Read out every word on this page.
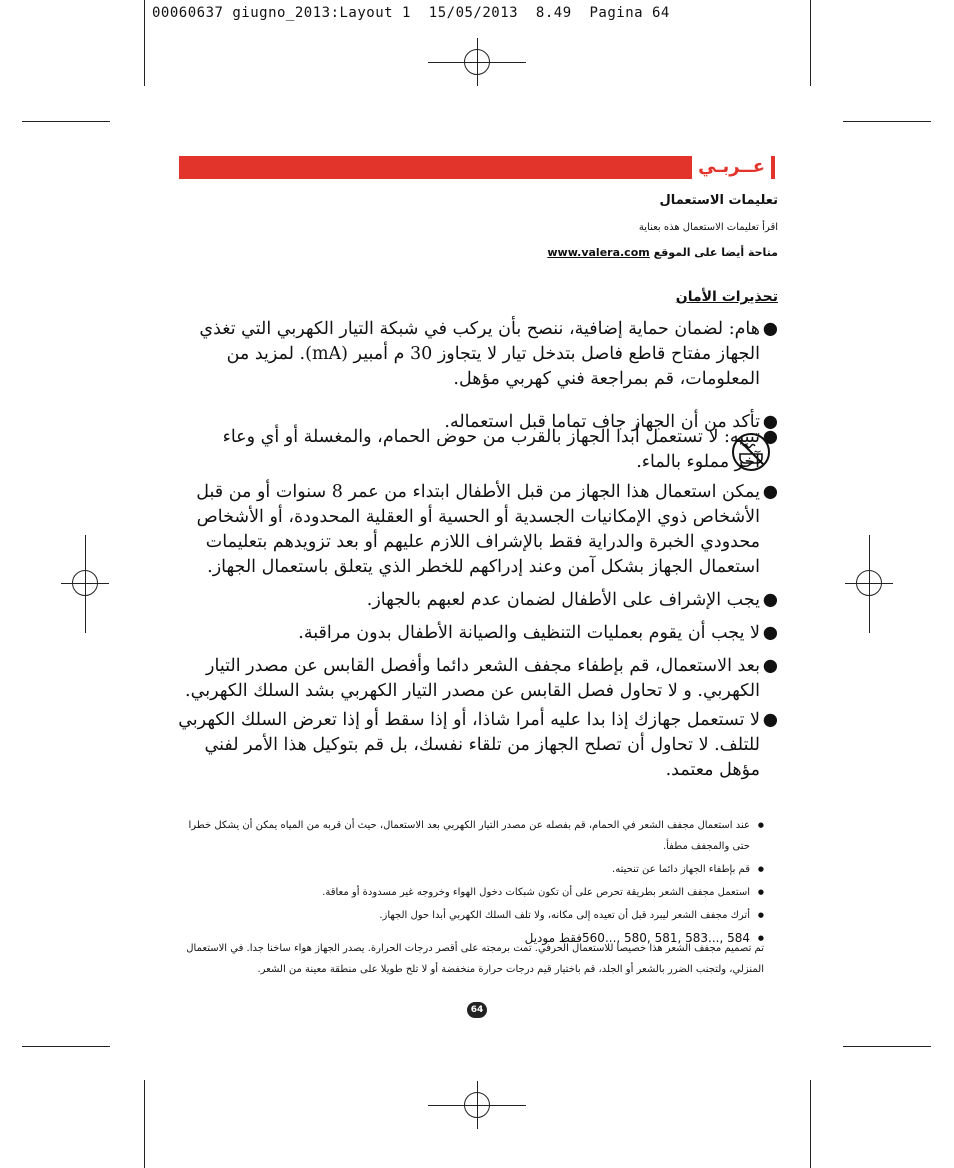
00060637 giugno_2013:Layout 1  15/05/2013  8.49  Pagina 64
عــربـي
تعليمات الاستعمال
اقرأ تعليمات الاستعمال هذه بعناية
متاحة أيضا على الموقع www.valera.com
تحذيرات الأمان
●
هام: لضمان حماية إضافية، ننصح بأن يركب في شبكة التيار الكهربي التي تغذي الجهاز مفتاح قاطع فاصل بتدخل تيار لا يتجاوز 30 م أمبير (mA). لمزيد من المعلومات، قم بمراجعة فني كهربي مؤهل.
●
تأكد من أن الجهاز جاف تماما قبل استعماله.
●
تنبيه: لا تستعمل أبدا الجهاز بالقرب من حوض الحمام، والمغسلة أو أي وعاء آخر مملوء بالماء.
●
يمكن استعمال هذا الجهاز من قبل الأطفال ابتداء من عمر 8 سنوات أو من قبل الأشخاص ذوي الإمكانيات الجسدية أو الحسية أو العقلية المحدودة، أو الأشخاص محدودي الخبرة والدراية فقط بالإشراف اللازم عليهم أو بعد تزويدهم بتعليمات استعمال الجهاز بشكل آمن وعند إدراكهم للخطر الذي يتعلق باستعمال الجهاز.
●
يجب الإشراف على الأطفال لضمان عدم لعبهم بالجهاز.
●
لا يجب أن يقوم بعمليات التنظيف والصيانة الأطفال بدون مراقبة.
●
بعد الاستعمال، قم بإطفاء مجفف الشعر دائما وأفصل القابس عن مصدر التيار الكهربي. و لا تحاول فصل القابس عن مصدر التيار الكهربي بشد السلك الكهربي.
●
لا تستعمل جهازك إذا بدا عليه أمرا شاذا، أو إذا سقط أو إذا تعرض السلك الكهربي للتلف. لا تحاول أن تصلح الجهاز من تلقاء نفسك، بل قم بتوكيل هذا الأمر لفني مؤهل معتمد.
●
عند استعمال مجفف الشعر في الحمام، قم بفصله عن مصدر التيار الكهربي بعد الاستعمال، حيث أن قربه من المياه يمكن أن يشكل خطرا حتى والمجفف مطفأ.
●
قم بإطفاء الجهاز دائما عن تنحيته.
●
استعمل مجفف الشعر بطريقة تحرص على أن تكون شبكات دخول الهواء وخروجه غير مسدودة أو معاقة.
●
أترك مجفف الشعر ليبرد قبل أن تعيده إلى مكانه، ولا تلف السلك الكهربي أبدا حول الجهاز.
●
584 ,...583 ,581 ,580 ,...560فقط موديل
تم تصميم مجفف الشعر هذا خصيصا للاستعمال الحرفي. تمت برمجته على أقصر درجات الحرارة. يصدر الجهاز هواء ساخنا جدا. في الاستعمال المنزلي، ولتجنب الضرر بالشعر أو الجلد، قم باختيار قيم درجات حرارة منخفضة أو لا تلح طويلا على منطقة معينة من الشعر.
64
